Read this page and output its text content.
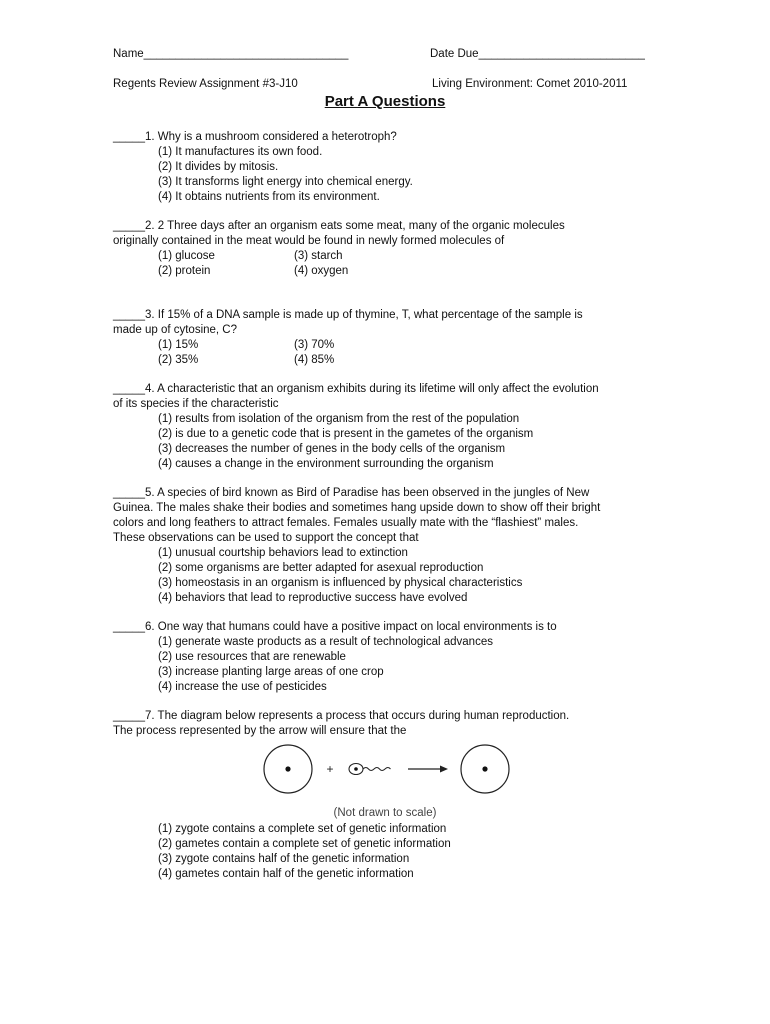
Name________________________________	Date Due__________________________
Regents Review Assignment #3-J10	Living Environment: Comet 2010-2011
Part A Questions
_____1. Why is a mushroom considered a heterotroph?
(1) It manufactures its own food.
(2) It divides by mitosis.
(3) It transforms light energy into chemical energy.
(4) It obtains nutrients from its environment.
_____2. 2 Three days after an organism eats some meat, many of the organic molecules
originally contained in the meat would be found in newly formed molecules of
(1) glucose
(2) protein
(3) starch
(4) oxygen
_____3. If 15% of a DNA sample is made up of thymine, T, what percentage of the sample is
made up of cytosine, C?
(1) 15%
(2) 35%
(3) 70%
(4) 85%
_____4. A characteristic that an organism exhibits during its lifetime will only affect the evolution
of its species if the characteristic
(1) results from isolation of the organism from the rest of the population
(2) is due to a genetic code that is present in the gametes of the organism
(3) decreases the number of genes in the body cells of the organism
(4) causes a change in the environment surrounding the organism
_____5. A species of bird known as Bird of Paradise has been observed in the jungles of New
Guinea. The males shake their bodies and sometimes hang upside down to show off their bright
colors and long feathers to attract females. Females usually mate with the “flashiest” males.
These observations can be used to support the concept that
(1) unusual courtship behaviors lead to extinction
(2) some organisms are better adapted for asexual reproduction
(3) homeostasis in an organism is influenced by physical characteristics
(4) behaviors that lead to reproductive success have evolved
_____6. One way that humans could have a positive impact on local environments is to
(1) generate waste products as a result of technological advances
(2) use resources that are renewable
(3) increase planting large areas of one crop
(4) increase the use of pesticides
_____7. The diagram below represents a process that occurs during human reproduction.
The process represented by the arrow will ensure that the
+
(Not drawn to scale)
(1) zygote contains a complete set of genetic information
(2) gametes contain a complete set of genetic information
(3) zygote contains half of the genetic information
(4) gametes contain half of the genetic information
